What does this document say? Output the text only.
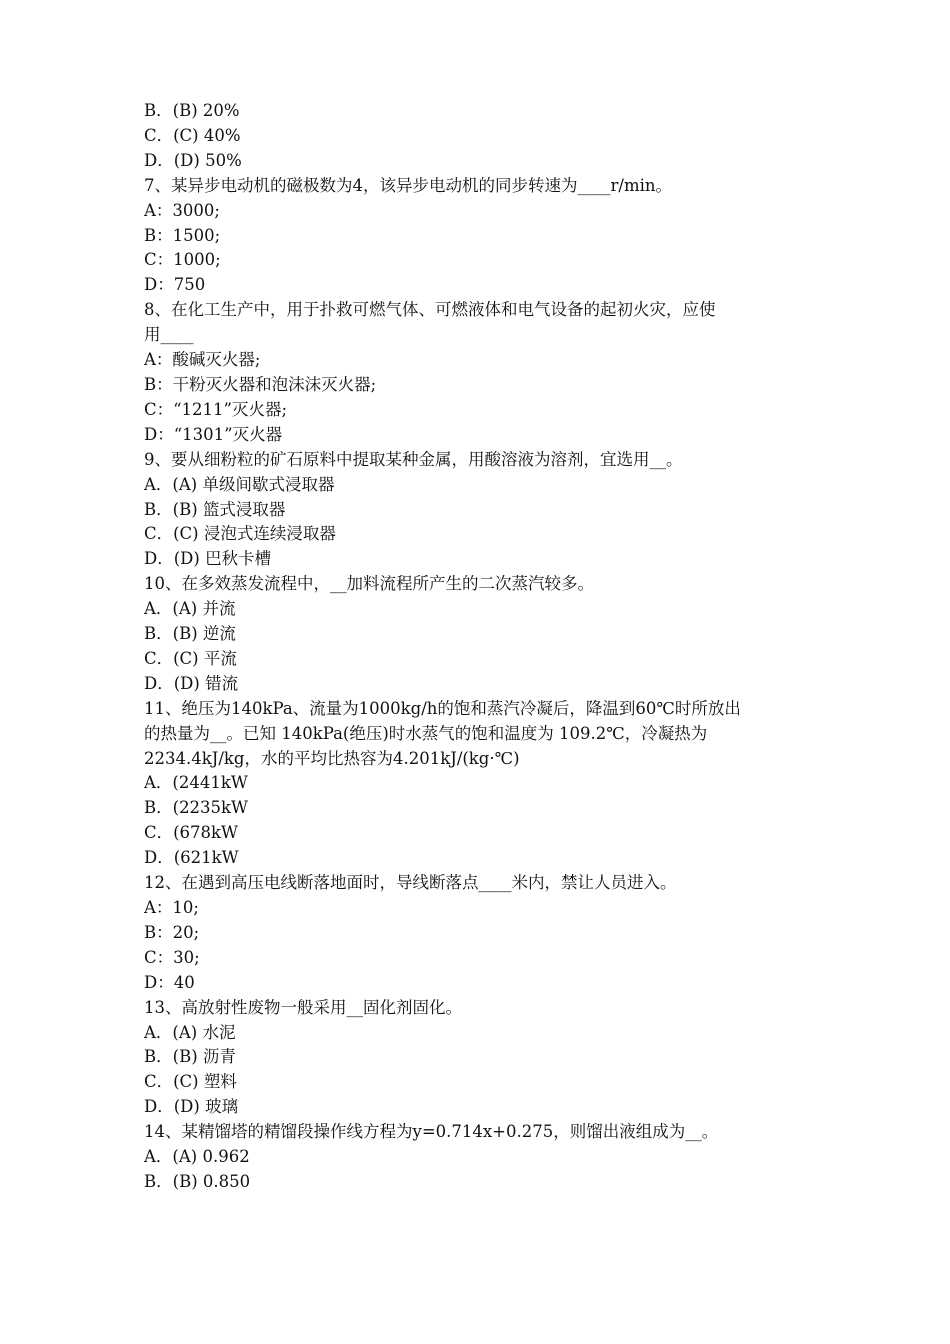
B．(B) 20%
C．(C) 40%
D．(D) 50%
7、某异步电动机的磁极数为4，该异步电动机的同步转速为____r/min。
A：3000;
B：1500;
C：1000;
D：750
8、在化工生产中，用于扑救可燃气体、可燃液体和电气设备的起初火灾，应使
用____
A：酸碱灭火器;
B：干粉灭火器和泡沫沫灭火器;
C：“1211”灭火器;
D：“1301”灭火器
9、要从细粉粒的矿石原料中提取某种金属，用酸溶液为溶剂，宜选用__。
A．(A) 单级间歇式浸取器
B．(B) 篮式浸取器
C．(C) 浸泡式连续浸取器
D．(D) 巴秋卡槽
10、在多效蒸发流程中，__加料流程所产生的二次蒸汽较多。
A．(A) 并流
B．(B) 逆流
C．(C) 平流
D．(D) 错流
11、绝压为140kPa、流量为1000kg/h的饱和蒸汽冷凝后，降温到60℃时所放出
的热量为__。已知 140kPa(绝压)时水蒸气的饱和温度为 109.2℃，冷凝热为
2234.4kJ/kg，水的平均比热容为4.201kJ/(kg·℃)
A．(2441kW
B．(2235kW
C．(678kW
D．(621kW
12、在遇到高压电线断落地面时，导线断落点____米内，禁让人员进入。
A：10;
B：20;
C：30;
D：40
13、高放射性废物一般采用__固化剂固化。
A．(A) 水泥
B．(B) 沥青
C．(C) 塑料
D．(D) 玻璃
14、某精馏塔的精馏段操作线方程为y=0.714x+0.275，则馏出液组成为__。
A．(A) 0.962
B．(B) 0.850
